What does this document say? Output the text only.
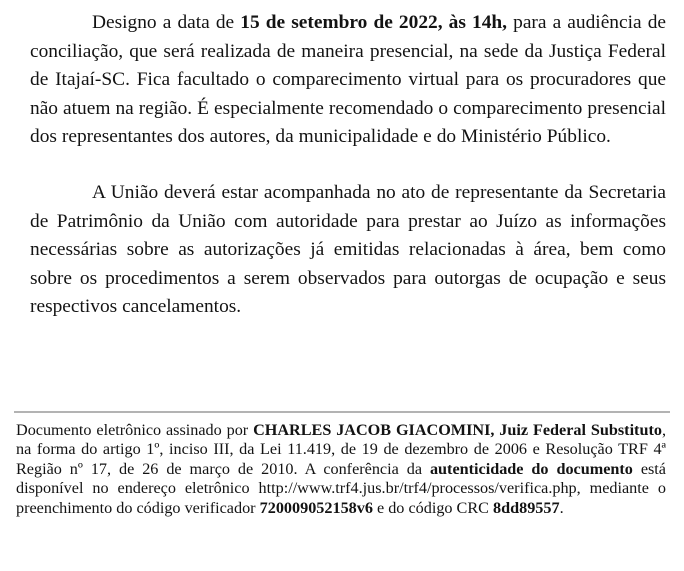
Designo a data de 15 de setembro de 2022, às 14h, para a audiência de conciliação, que será realizada de maneira presencial, na sede da Justiça Federal de Itajaí-SC. Fica facultado o comparecimento virtual para os procuradores que não atuem na região. É especialmente recomendado o comparecimento presencial dos representantes dos autores, da municipalidade e do Ministério Público.

A União deverá estar acompanhada no ato de representante da Secretaria de Patrimônio da União com autoridade para prestar ao Juízo as informações necessárias sobre as autorizações já emitidas relacionadas à área, bem como sobre os procedimentos a serem observados para outorgas de ocupação e seus respectivos cancelamentos.

Documento eletrônico assinado por CHARLES JACOB GIACOMINI, Juiz Federal Substituto, na forma do artigo 1º, inciso III, da Lei 11.419, de 19 de dezembro de 2006 e Resolução TRF 4ª Região nº 17, de 26 de março de 2010. A conferência da autenticidade do documento está disponível no endereço eletrônico http://www.trf4.jus.br/trf4/processos/verifica.php, mediante o preenchimento do código verificador 720009052158v6 e do código CRC 8dd89557.
